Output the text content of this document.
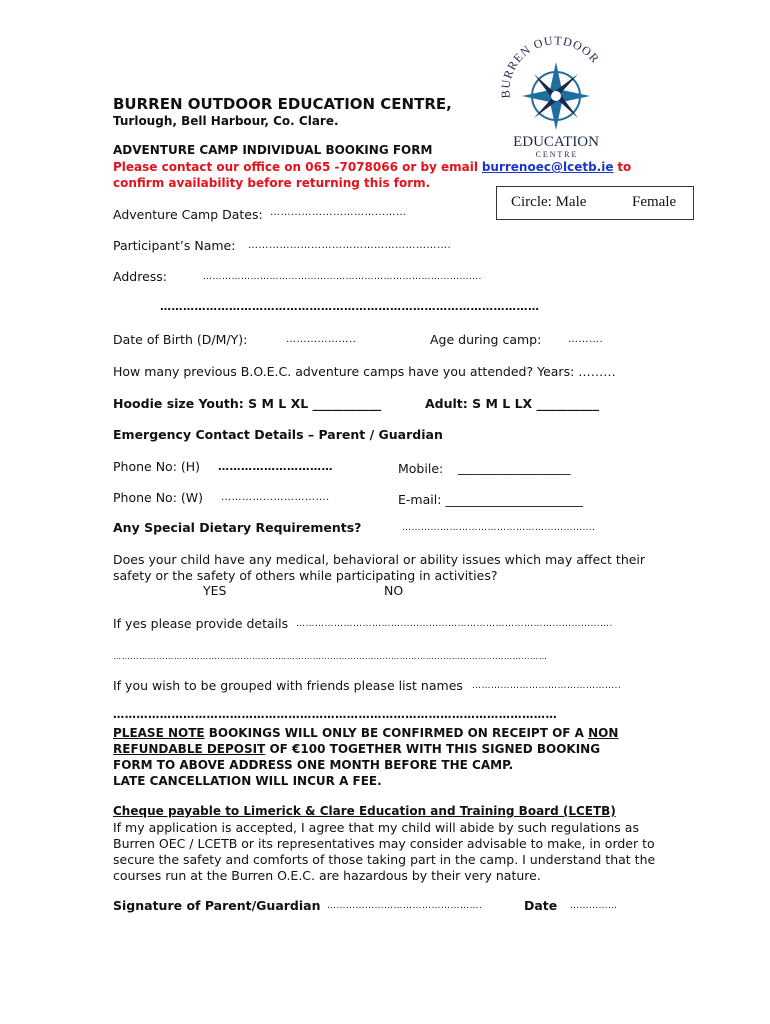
BURREN OUTDOOR
EDUCATION
C E N T R E
BURREN OUTDOOR EDUCATION CENTRE,
Turlough, Bell Harbour, Co. Clare.
ADVENTURE CAMP INDIVIDUAL BOOKING FORM
Please contact our office on 065 -7078066 or by email burrenoec@lcetb.ie to
confirm availability before returning this form.
Circle: Male	Female
Adventure Camp Dates: …………………………………
Participant’s Name: ………………………………………………….
Address:	…………………………………………………………………………….
………………………………………………………………………………………
Date of Birth (D/M/Y):	………………..	Age during camp:	……….
How many previous B.O.E.C. adventure camps have you attended? Years: ………
Hoodie size Youth: S M L XL ___________	Adult: S M L LX __________
Emergency Contact Details – Parent / Guardian
Phone No: (H) …………………………	Mobile: __________________
Phone No: (W) ………………………….	E-mail: ______________________
Any Special Dietary Requirements?	…………………………………………………….
Does your child have any medical, behavioral or ability issues which may affect their safety or the safety of others while participating in activities?
YES	NO
If yes please provide details ……………………………………………………………………………………….
……………………………………………………………………………………………………………………………………
If you wish to be grouped with friends please list names ………………………………………..
……………………………………………………………………………………………………
PLEASE NOTE BOOKINGS WILL ONLY BE CONFIRMED ON RECEIPT OF A NON
REFUNDABLE DEPOSIT OF €100 TOGETHER WITH THIS SIGNED BOOKING
FORM TO ABOVE ADDRESS ONE MONTH BEFORE THE CAMP.
LATE CANCELLATION WILL INCUR A FEE.
Cheque payable to Limerick & Clare Education and Training Board (LCETB)
If my application is accepted, I agree that my child will abide by such regulations as Burren OEC / LCETB or its representatives may consider advisable to make, in order to secure the safety and comforts of those taking part in the camp. I understand that the courses run at the Burren O.E.C. are hazardous by their very nature.
Signature of Parent/Guardian ………………………………………….	Date ……………
